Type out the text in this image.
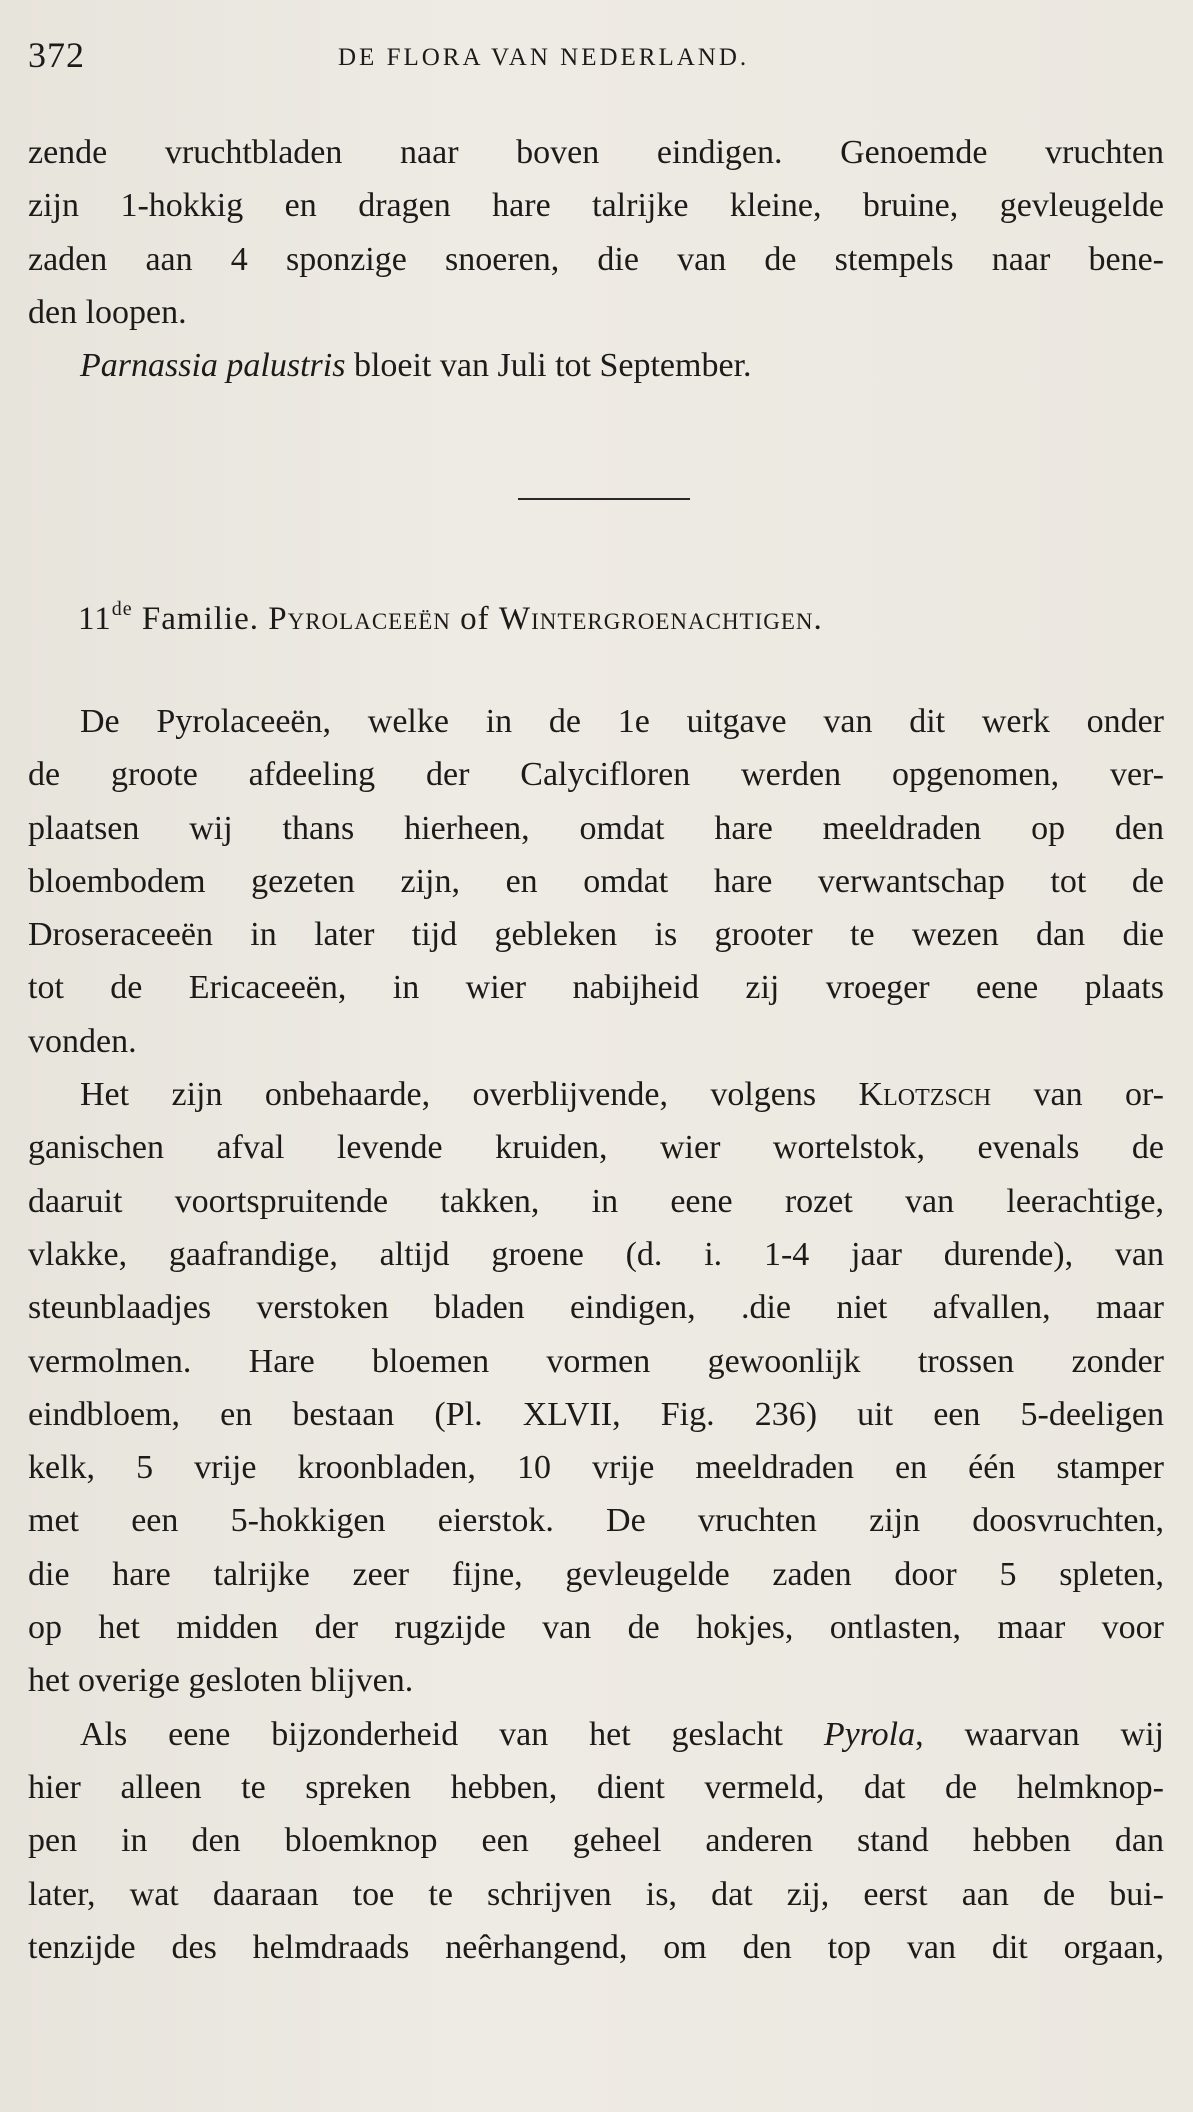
372	DE FLORA VAN NEDERLAND.
zende vruchtbladen naar boven eindigen. Genoemde vruchten
zijn 1-hokkig en dragen hare talrijke kleine, bruine, gevleugelde
zaden aan 4 sponzige snoeren, die van de stempels naar bene-
den loopen.
Parnassia palustris bloeit van Juli tot September.
11de Familie. Pyrolaceeën of Wintergroenachtigen.
De Pyrolaceeën, welke in de 1e uitgave van dit werk onder
de groote afdeeling der Calycifloren werden opgenomen, ver-
plaatsen wij thans hierheen, omdat hare meeldraden op den
bloembodem gezeten zijn, en omdat hare verwantschap tot de
Droseraceeën in later tijd gebleken is grooter te wezen dan die
tot de Ericaceeën, in wier nabijheid zij vroeger eene plaats
vonden.
Het zijn onbehaarde, overblijvende, volgens Klotzsch van or-
ganischen afval levende kruiden, wier wortelstok, evenals de
daaruit voortspruitende takken, in eene rozet van leerachtige,
vlakke, gaafrandige, altijd groene (d. i. 1-4 jaar durende), van
steunblaadjes verstoken bladen eindigen, .die niet afvallen, maar
vermolmen. Hare bloemen vormen gewoonlijk trossen zonder
eindbloem, en bestaan (Pl. XLVII, Fig. 236) uit een 5-deeligen
kelk, 5 vrije kroonbladen, 10 vrije meeldraden en één stamper
met een 5-hokkigen eierstok. De vruchten zijn doosvruchten,
die hare talrijke zeer fijne, gevleugelde zaden door 5 spleten,
op het midden der rugzijde van de hokjes, ontlasten, maar voor
het overige gesloten blijven.
Als eene bijzonderheid van het geslacht Pyrola, waarvan wij
hier alleen te spreken hebben, dient vermeld, dat de helmknop-
pen in den bloemknop een geheel anderen stand hebben dan
later, wat daaraan toe te schrijven is, dat zij, eerst aan de bui-
tenzijde des helmdraads neêrhangend, om den top van dit orgaan,
